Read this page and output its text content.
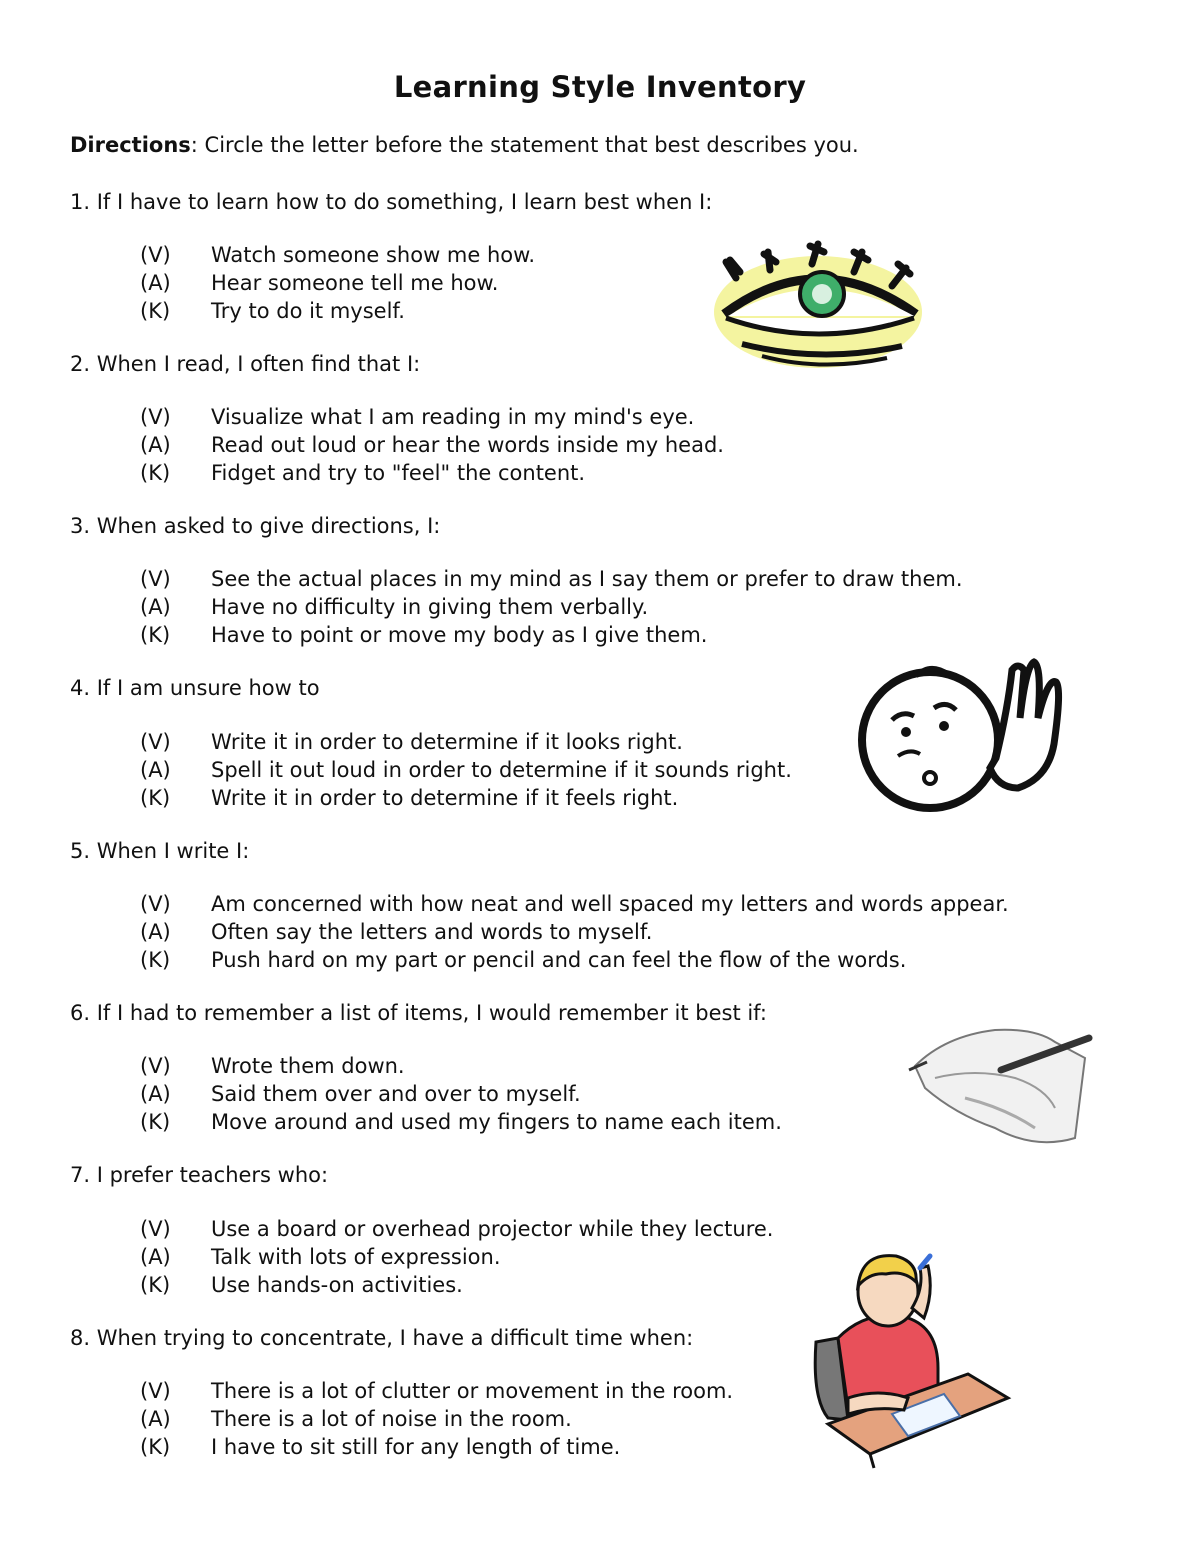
Learning Style Inventory
Directions: Circle the letter before the statement that best describes you.
1. If I have to learn how to do something, I learn best when I:
(V)	Watch someone show me how.
(A)	Hear someone tell me how.
(K)	Try to do it myself.
2. When I read, I often find that I:
(V)	Visualize what I am reading in my mind's eye.
(A)	Read out loud or hear the words inside my head.
(K)	Fidget and try to "feel" the content.
3. When asked to give directions, I:
(V)	See the actual places in my mind as I say them or prefer to draw them.
(A)	Have no difficulty in giving them verbally.
(K)	Have to point or move my body as I give them.
4. If I am unsure how to
(V)	Write it in order to determine if it looks right.
(A)	Spell it out loud in order to determine if it sounds right.
(K)	Write it in order to determine if it feels right.
5. When I write I:
(V)	Am concerned with how neat and well spaced my letters and words appear.
(A)	Often say the letters and words to myself.
(K)	Push hard on my part or pencil and can feel the flow of the words.
6. If I had to remember a list of items, I would remember it best if:
(V)	Wrote them down.
(A)	Said them over and over to myself.
(K)	Move around and used my fingers to name each item.
7. I prefer teachers who:
(V)	Use a board or overhead projector while they lecture.
(A)	Talk with lots of expression.
(K)	Use hands-on activities.
8. When trying to concentrate, I have a difficult time when:
(V)	There is a lot of clutter or movement in the room.
(A)	There is a lot of noise in the room.
(K)	I have to sit still for any length of time.
